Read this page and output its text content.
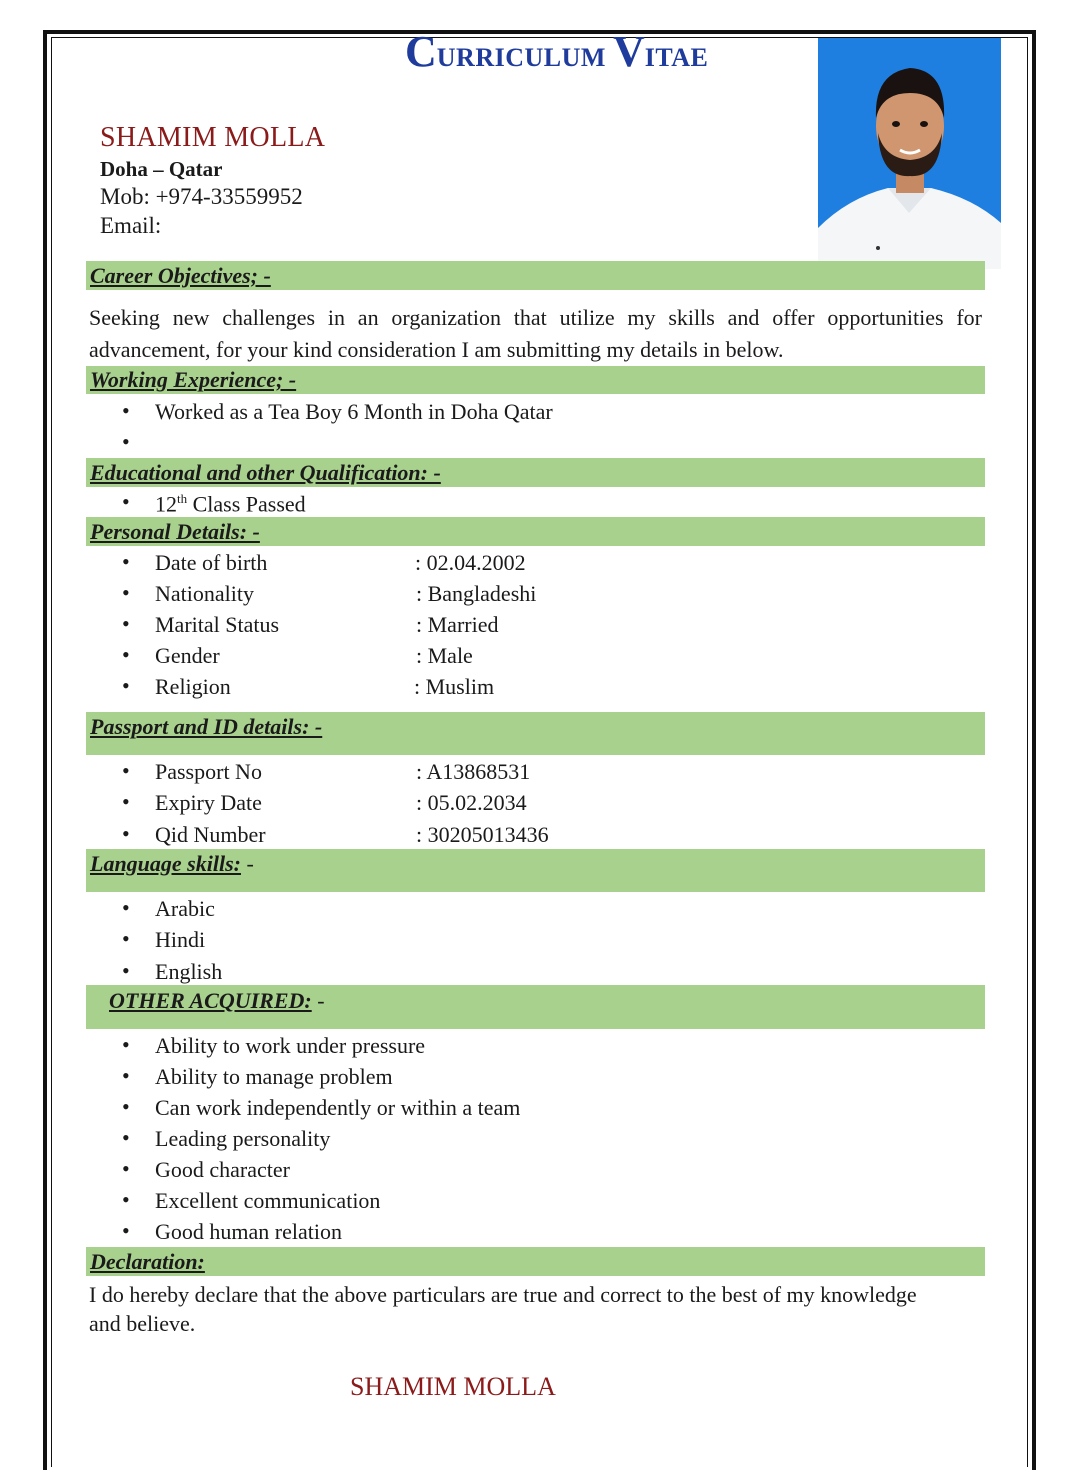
CURRICULUM VITAE
SHAMIM MOLLA
Doha – Qatar
Mob: +974-33559952
Email:
Career Objectives; -
Seeking new challenges in an organization that utilize my skills and offer opportunities for advancement, for your kind consideration I am submitting my details in below.
Working Experience; -
• Worked as a Tea Boy 6 Month in Doha Qatar
•
Educational and other Qualification: -
• 12th Class Passed
Personal Details: -
• Date of birth	: 02.04.2002
• Nationality	: Bangladeshi
• Marital Status	: Married
• Gender	: Male
• Religion	: Muslim
Passport and ID details: -
• Passport No	: A13868531
• Expiry Date	: 05.02.2034
• Qid Number	: 30205013436
Language skills: -
• Arabic
• Hindi
• English
OTHER ACQUIRED: -
• Ability to work under pressure
• Ability to manage problem
• Can work independently or within a team
• Leading personality
• Good character
• Excellent communication
• Good human relation
Declaration:
I do hereby declare that the above particulars are true and correct to the best of my knowledge and believe.
SHAMIM MOLLA
